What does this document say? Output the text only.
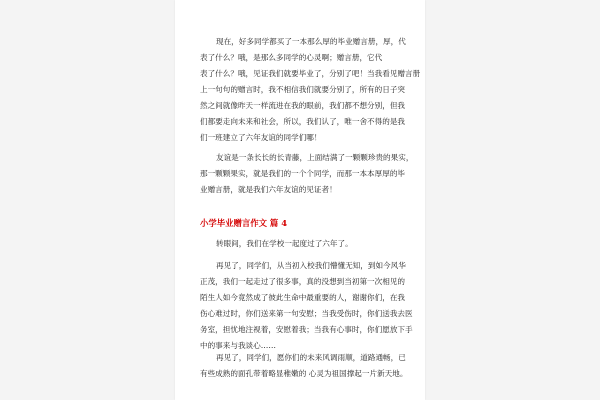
现在，好多同学都买了一本那么厚的毕业赠言册，厚，代
表了什么？哦，是那么多同学的心灵啊；赠言册，它代
表了什么？哦，见证我们就要毕业了，分别了吧！当我看见赠言册
上一句句的赠言时，我不相信我们就要分别了，所有的日子突
然之间就像昨天一样流进在我的眼前，我们都不想分别，但我
们都要走向未来和社会，所以，我们认了，唯一舍不得的是我
们一班建立了六年友谊的同学们哪！
友谊是一条长长的长青藤，上面结满了一颗颗珍贵的果实，
那一颗颗果实，就是我们的一个个同学，而那一本本厚厚的毕
业赠言册，就是我们六年友谊的见证者！
小学毕业赠言作文 篇 4
转眼间，我们在学校一起度过了六年了。
再见了，同学们，从当初入校我们懵懂无知，到如今风华
正茂，我们一起走过了很多事，真的没想到当初第一次相见的
陌生人如今竟然成了彼此生命中最重要的人，谢谢你们，在我
伤心难过时，你们送来第一句安慰；当我受伤时，你们送我去医
务室，担忧地注视着，安慰着我；当我有心事时，你们愿放下手
中的事来与我谈心……
再见了，同学们，愿你们的未来风调雨顺，道路通畅，已
有些成熟的面孔带着略显稚嫩的 心灵为祖国撑起一片新天地。
